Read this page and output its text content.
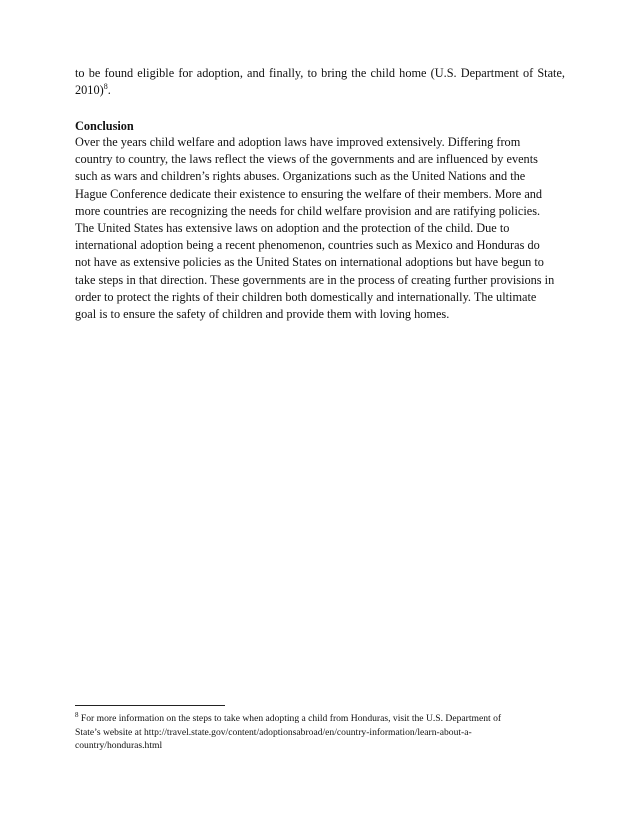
to be found eligible for adoption, and finally, to bring the child home (U.S. Department of State,
2010)$^8$.
Conclusion
Over the years child welfare and adoption laws have improved extensively. Differing from
country to country, the laws reflect the views of the governments and are influenced by events
such as wars and children’s rights abuses. Organizations such as the United Nations and the
Hague Conference dedicate their existence to ensuring the welfare of their members. More and
more countries are recognizing the needs for child welfare provision and are ratifying policies.
The United States has extensive laws on adoption and the protection of the child. Due to
international adoption being a recent phenomenon, countries such as Mexico and Honduras do
not have as extensive policies as the United States on international adoptions but have begun to
take steps in that direction. These governments are in the process of creating further provisions in
order to protect the rights of their children both domestically and internationally. The ultimate
goal is to ensure the safety of children and provide them with loving homes.
$^8$ For more information on the steps to take when adopting a child from Honduras, visit the U.S. Department of
State’s website at http://travel.state.gov/content/adoptionsabroad/en/country-information/learn-about-a-
country/honduras.html
